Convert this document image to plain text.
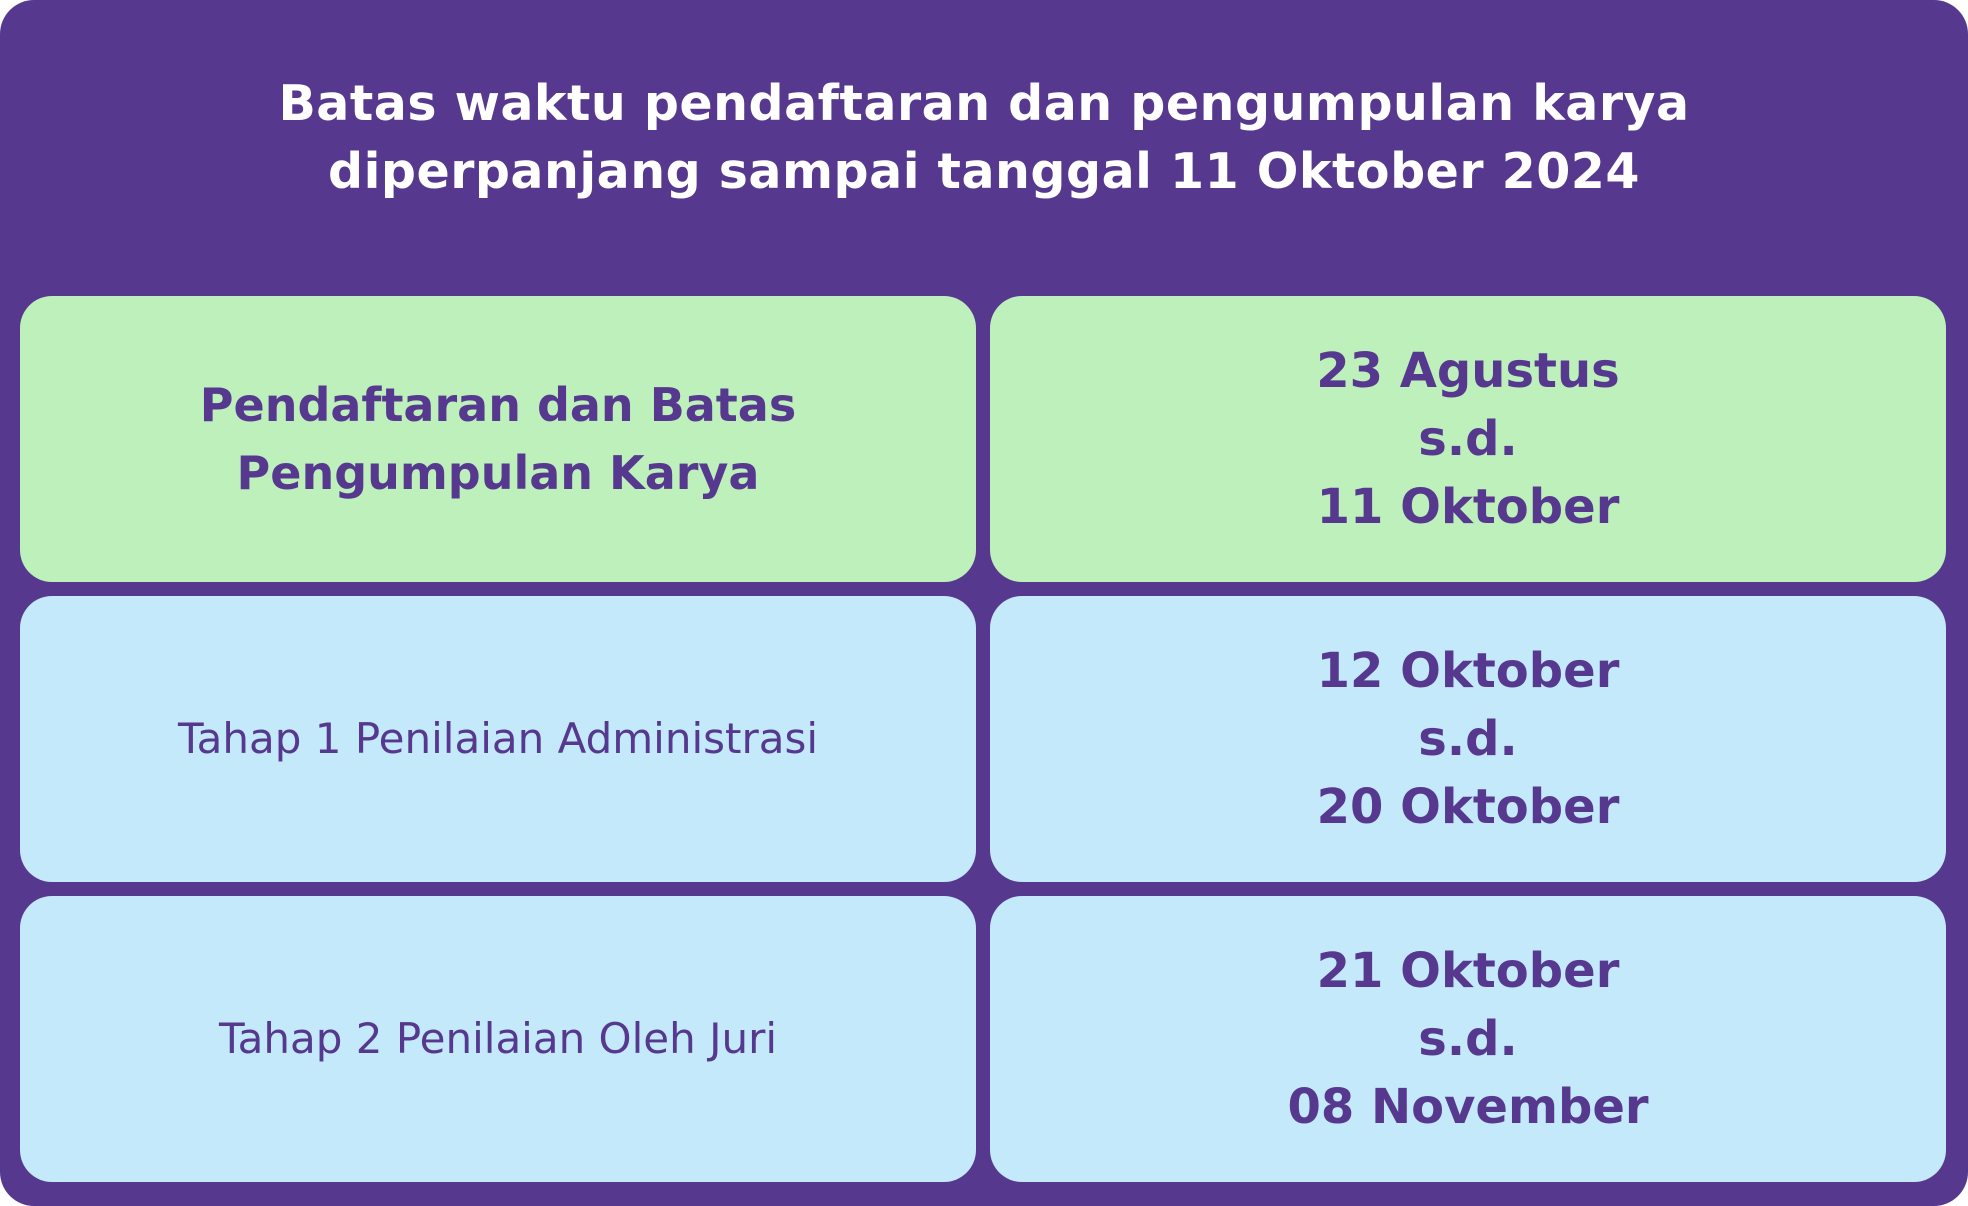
Batas waktu pendaftaran dan pengumpulan karya
diperpanjang sampai tanggal 11 Oktober 2024
Pendaftaran dan Batas
Pengumpulan Karya
23 Agustus
s.d.
11 Oktober
Tahap 1 Penilaian Administrasi
12 Oktober
s.d.
20 Oktober
Tahap 2 Penilaian Oleh Juri
21 Oktober
s.d.
08 November
